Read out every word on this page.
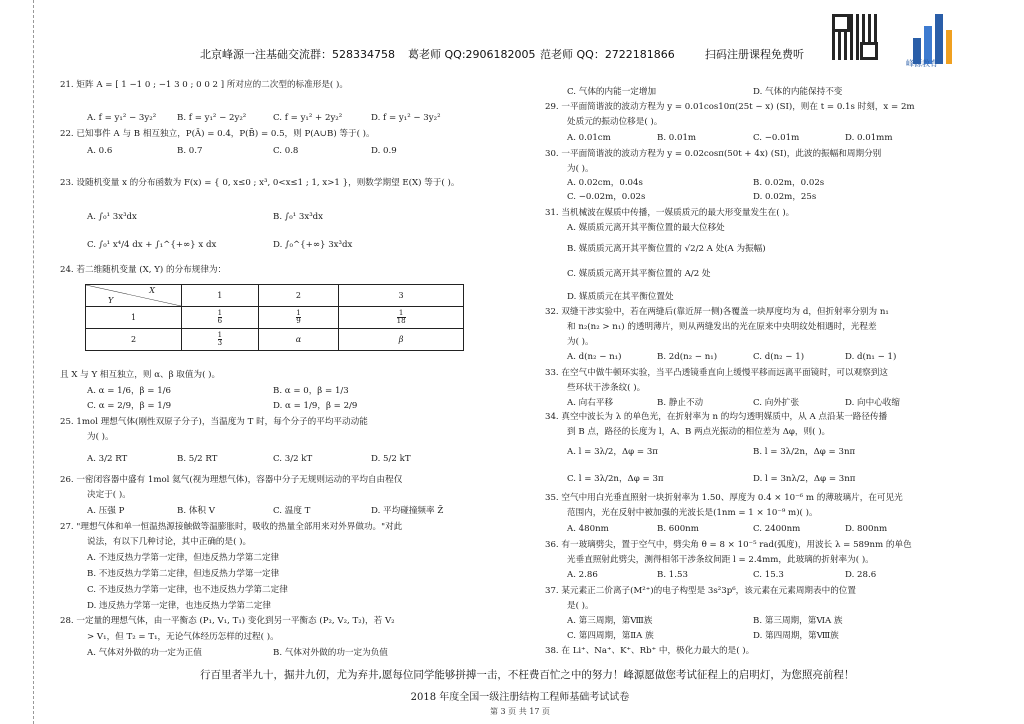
北京峰源一注基础交流群：528334758 葛老师 QQ:2906182005 范老师 QQ：2722181866	扫码注册课程免费听
峰源教育
21. 矩阵 A = [ 1 −1 0 ; −1 3 0 ; 0 0 2 ] 所对应的二次型的标准形是( )。
A. f = y₁² − 3y₂² B. f = y₁² − 2y₂²	C. f = y₁² + 2y₂²	D. f = y₁² − 3y₂²
22. 已知事件 A 与 B 相互独立，P(Ā) = 0.4，P(B̄) = 0.5，则 P(A∪B) 等于( )。
A. 0.6	B. 0.7	C. 0.8	D. 0.9
23. 设随机变量 x 的分布函数为 F(x) = { 0, x≤0 ; x³, 0<x≤1 ; 1, x>1 }，则数学期望 E(X) 等于( )。
A. ∫₀¹ 3x³dx	B. ∫₀¹ 3x³dx
C. ∫₀¹ x⁴/4 dx + ∫₁^{+∞} x dx	D. ∫₀^{+∞} 3x³dx
24. 若二维随机变量 (X, Y) 的分布规律为：
且 X 与 Y 相互独立，则 α、β 取值为( )。
A. α = 1/6，β = 1/6	B. α = 0，β = 1/3
C. α = 2/9，β = 1/9	D. α = 1/9，β = 2/9
25. 1mol 理想气体(刚性双原子分子)，当温度为 T 时，每个分子的平均平动动能
为( )。
A. 3/2 RT	B. 5/2 RT	C. 3/2 kT	D. 5/2 kT
26. 一密闭容器中盛有 1mol 氦气(视为理想气体)，容器中分子无规则运动的平均自由程仅
决定于( )。
A. 压强 P	B. 体积 V	C. 温度 T	D. 平均碰撞频率 Z̄
27. "理想气体和单一恒温热源接触做等温膨胀时，吸收的热量全部用来对外界做功。"对此
说法，有以下几种讨论，其中正确的是( )。
A. 不违反热力学第一定律，但违反热力学第二定律
B. 不违反热力学第二定律，但违反热力学第一定律
C. 不违反热力学第一定律，也不违反热力学第二定律
D. 违反热力学第一定律，也违反热力学第二定律
28. 一定量的理想气体，由一平衡态 (P₁, V₁, T₁) 变化到另一平衡态 (P₂, V₂, T₂)，若 V₂
> V₁，但 T₂ = T₁，无论气体经历怎样的过程( )。
A. 气体对外做的功一定为正值	B. 气体对外做的功一定为负值
X
Y	1	2	3
1	$\frac{1}{6}$	$\frac{1}{9}$	$\frac{1}{18}$

2	$\frac{1}{3}$	α	β
C. 气体的内能一定增加	D. 气体的内能保持不变
29. 一平面简谐波的波动方程为 y = 0.01cos10π(25t − x) (SI)，则在 t = 0.1s 时刻，x = 2m
处质元的振动位移是( )。
A. 0.01cm	B. 0.01m	C. −0.01m	D. 0.01mm
30. 一平面简谐波的波动方程为 y = 0.02cosπ(50t + 4x) (SI)，此波的振幅和周期分别
为( )。
A. 0.02cm，0.04s	B. 0.02m，0.02s
C. −0.02m，0.02s	D. 0.02m，25s
31. 当机械波在媒质中传播，一媒质质元的最大形变量发生在( )。
A. 媒质质元离开其平衡位置的最大位移处
B. 媒质质元离开其平衡位置的 √2/2 A 处(A 为振幅)
C. 媒质质元离开其平衡位置的 A/2 处
D. 媒质质元在其平衡位置处
32. 双缝干涉实验中，若在两缝后(靠近屏一侧)各覆盖一块厚度均为 d，但折射率分别为 n₁
和 n₂(n₂ > n₁) 的透明薄片，则从两缝发出的光在原来中央明纹处相遇时，光程差
为( )。
A. d(n₂ − n₁)	B. 2d(n₂ − n₁)	C. d(n₂ − 1)	D. d(n₁ − 1)
33. 在空气中做牛顿环实验，当平凸透镜垂直向上缓慢平移而远离平面镜时，可以观察到这
些环状干涉条纹( )。
A. 向右平移	B. 静止不动	C. 向外扩张	D. 向中心收缩
34. 真空中波长为 λ 的单色光，在折射率为 n 的均匀透明媒质中，从 A 点沿某一路径传播
到 B 点，路径的长度为 l，A、B 两点光振动的相位差为 Δφ，则( )。
A. l = 3λ/2，Δφ = 3π	B. l = 3λ/2n，Δφ = 3nπ
C. l = 3λ/2n，Δφ = 3π	D. l = 3nλ/2，Δφ = 3nπ
35. 空气中用白光垂直照射一块折射率为 1.50、厚度为 0.4 × 10⁻⁶ m 的薄玻璃片，在可见光
范围内，光在反射中被加强的光波长是(1nm = 1 × 10⁻⁹ m)( )。
A. 480nm	B. 600nm	C. 2400nm	D. 800nm
36. 有一玻璃劈尖，置于空气中，劈尖角 θ = 8 × 10⁻⁵ rad(弧度)，用波长 λ = 589nm 的单色
光垂直照射此劈尖，测得相邻干涉条纹间距 l = 2.4mm，此玻璃的折射率为( )。
A. 2.86	B. 1.53	C. 15.3	D. 28.6
37. 某元素正二价离子(M²⁺)的电子构型是 3s²3p⁶，该元素在元素周期表中的位置
是( )。
A. 第三周期，第Ⅷ族	B. 第三周期，第ⅥA 族
C. 第四周期，第ⅡA 族	D. 第四周期，第Ⅷ族
38. 在 Li⁺、Na⁺、K⁺、Rb⁺ 中，极化力最大的是( )。
行百里者半九十，掘井九仞，尤为弃井,愿每位同学能够拼搏一击，不枉费百忙之中的努力！峰源愿做您考试征程上的启明灯，为您照亮前程！
2018 年度全国一级注册结构工程师基础考试试卷
第 3 页 共 17 页
